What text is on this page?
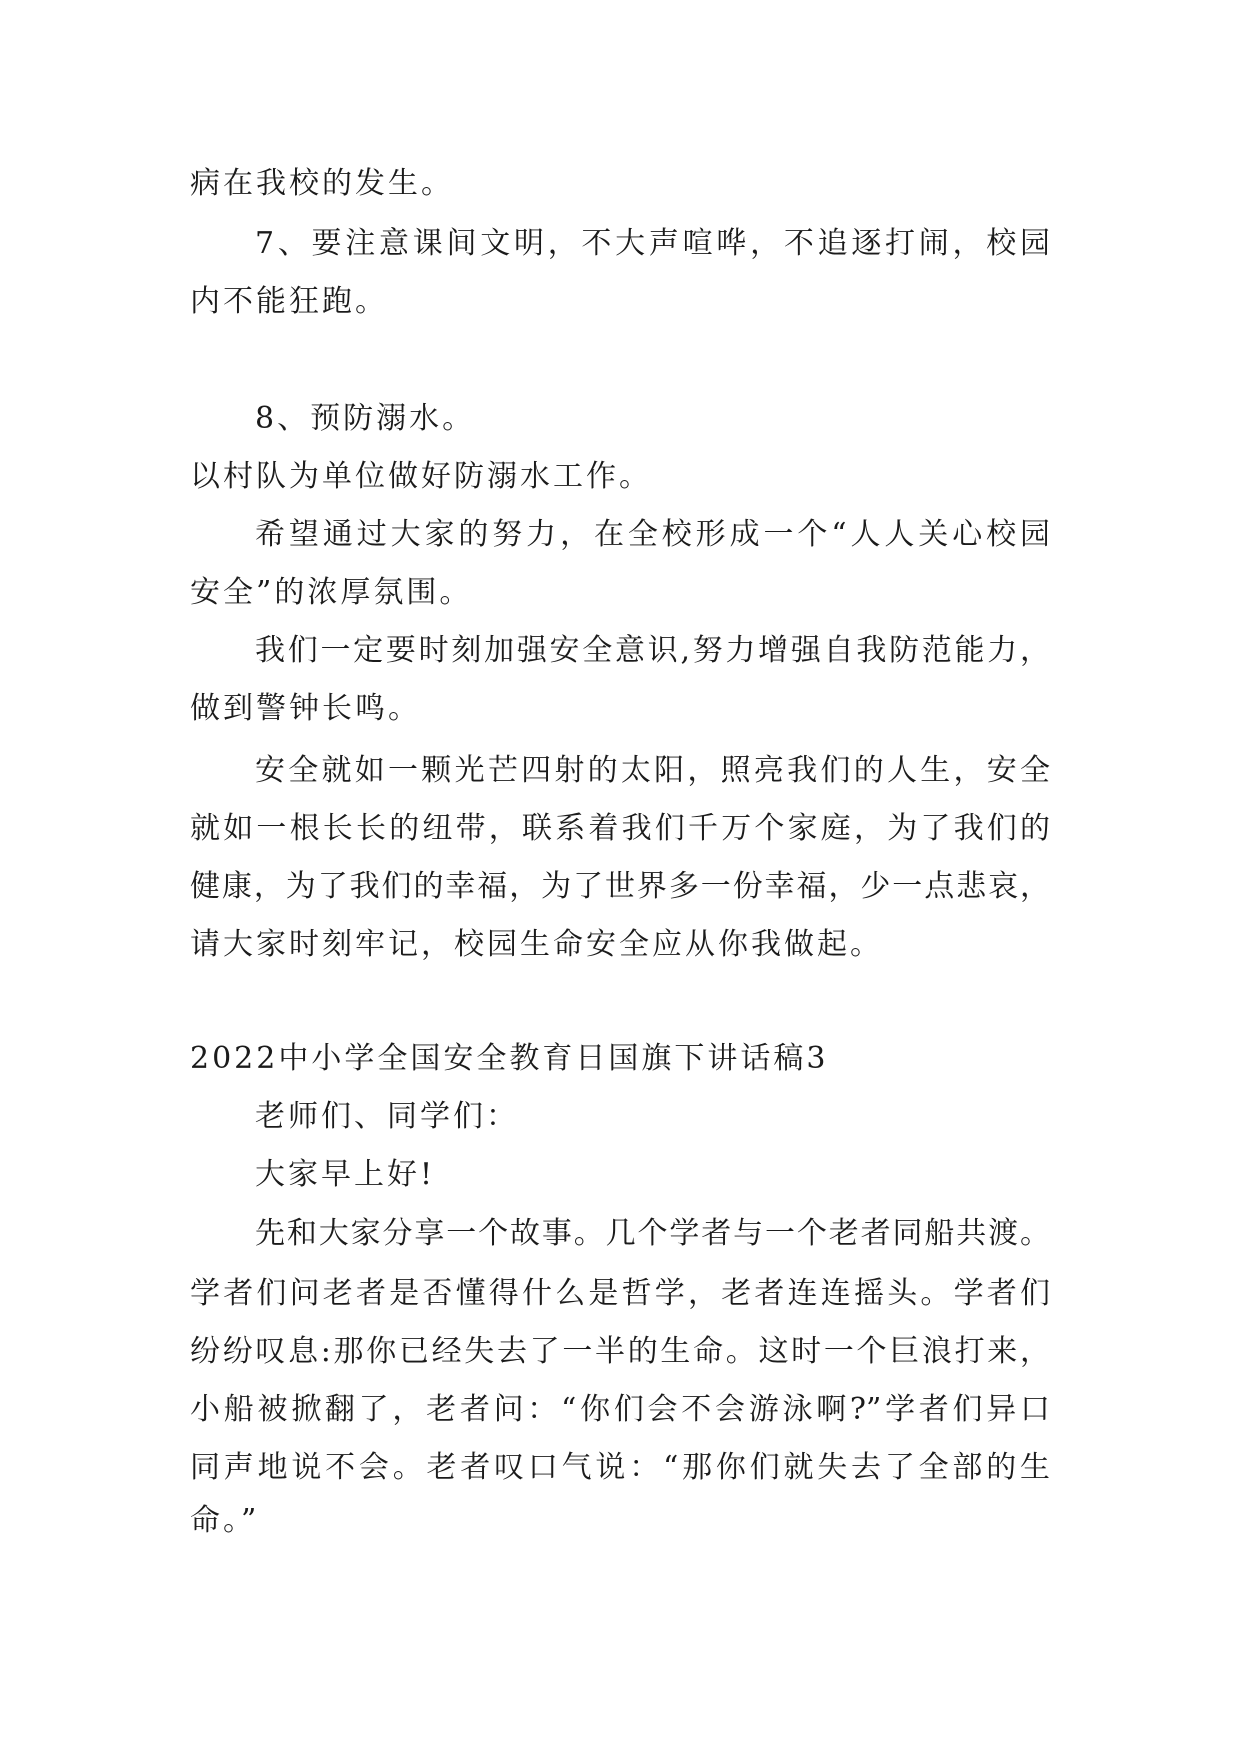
病在我校的发生。
7、要注意课间文明，不大声喧哗，不追逐打闹，校园
内不能狂跑。
8、预防溺水。
以村队为单位做好防溺水工作。
希望通过大家的努力，在全校形成一个“人人关心校园
安全”的浓厚氛围。
我们一定要时刻加强安全意识,努力增强自我防范能力，
做到警钟长鸣。
安全就如一颗光芒四射的太阳，照亮我们的人生，安全
就如一根长长的纽带，联系着我们千万个家庭，为了我们的
健康，为了我们的幸福，为了世界多一份幸福，少一点悲哀，
请大家时刻牢记，校园生命安全应从你我做起。
2022中小学全国安全教育日国旗下讲话稿3
老师们、同学们：
大家早上好!
先和大家分享一个故事。几个学者与一个老者同船共渡。
学者们问老者是否懂得什么是哲学，老者连连摇头。学者们
纷纷叹息:那你已经失去了一半的生命。这时一个巨浪打来，
小船被掀翻了，老者问：“你们会不会游泳啊?”学者们异口
同声地说不会。老者叹口气说：“那你们就失去了全部的生
命。”
